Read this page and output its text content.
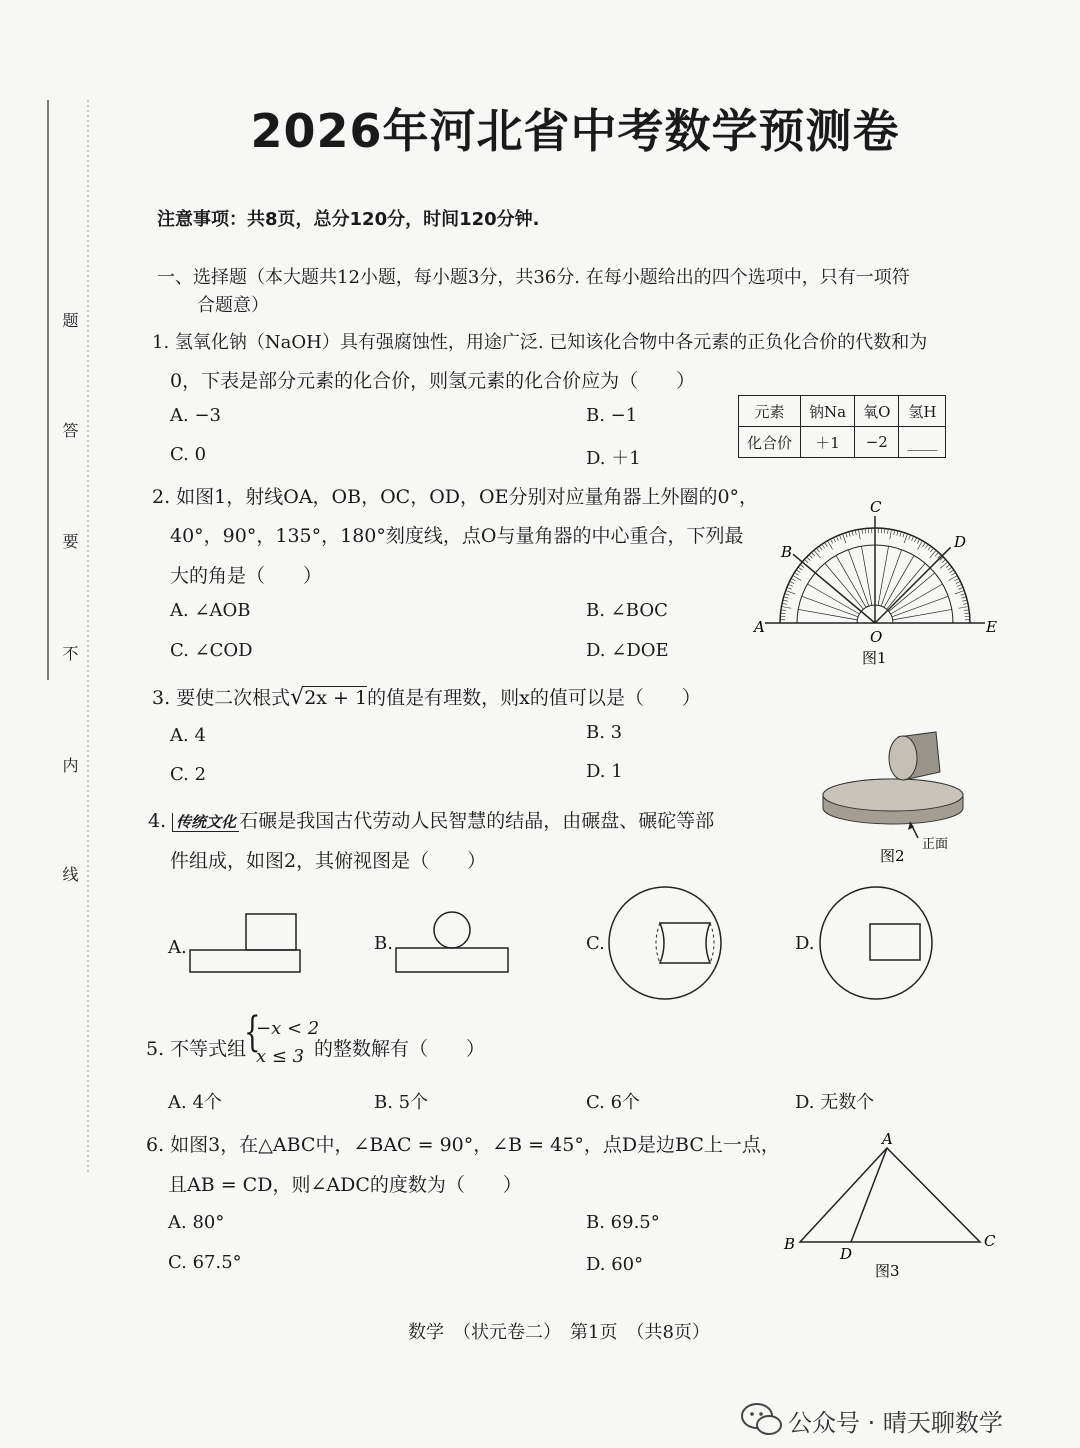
题
答
要
不
内
线
2026年河北省中考数学预测卷
注意事项：共8页，总分120分，时间120分钟.
一、选择题（本大题共12小题，每小题3分，共36分. 在每小题给出的四个选项中，只有一项符
合题意）
1. 氢氧化钠（NaOH）具有强腐蚀性，用途广泛. 已知该化合物中各元素的正负化合价的代数和为
0，下表是部分元素的化合价，则氢元素的化合价应为（　　）
A. −3	B. −1
C. 0	D. ＋1
元素	钠Na	氧O	氢H
化合价	＋1	−2	____
2. 如图1，射线OA，OB，OC，OD，OE分别对应量角器上外圈的0°，
40°，90°，135°，180°刻度线，点O与量角器的中心重合，下列最
大的角是（　　）
A. ∠AOB	B. ∠BOC
C. ∠COD	D. ∠DOE
C
B
D
A	E
O
图1
3. 要使二次根式√2x + 1的值是有理数，则x的值可以是（　　）
A. 4	B. 3
C. 2	D. 1
4. 传统文化 石碾是我国古代劳动人民智慧的结晶，由碾盘、碾砣等部
件组成，如图2，其俯视图是（　　）
正面
图2
A.	B.	C.	D.
5. 不等式组
{
−x < 2
x ≤ 3 的整数解有（　　）
A. 4个	B. 5个	C. 6个	D. 无数个
6. 如图3，在△ABC中，∠BAC = 90°，∠B = 45°，点D是边BC上一点，
且AB = CD，则∠ADC的度数为（　　）
A. 80°	B. 69.5°
C. 67.5°	D. 60°
A
B	C
D
图3
数学　（状元卷二）　第1页　（共8页）
公众号 · 晴天聊数学
